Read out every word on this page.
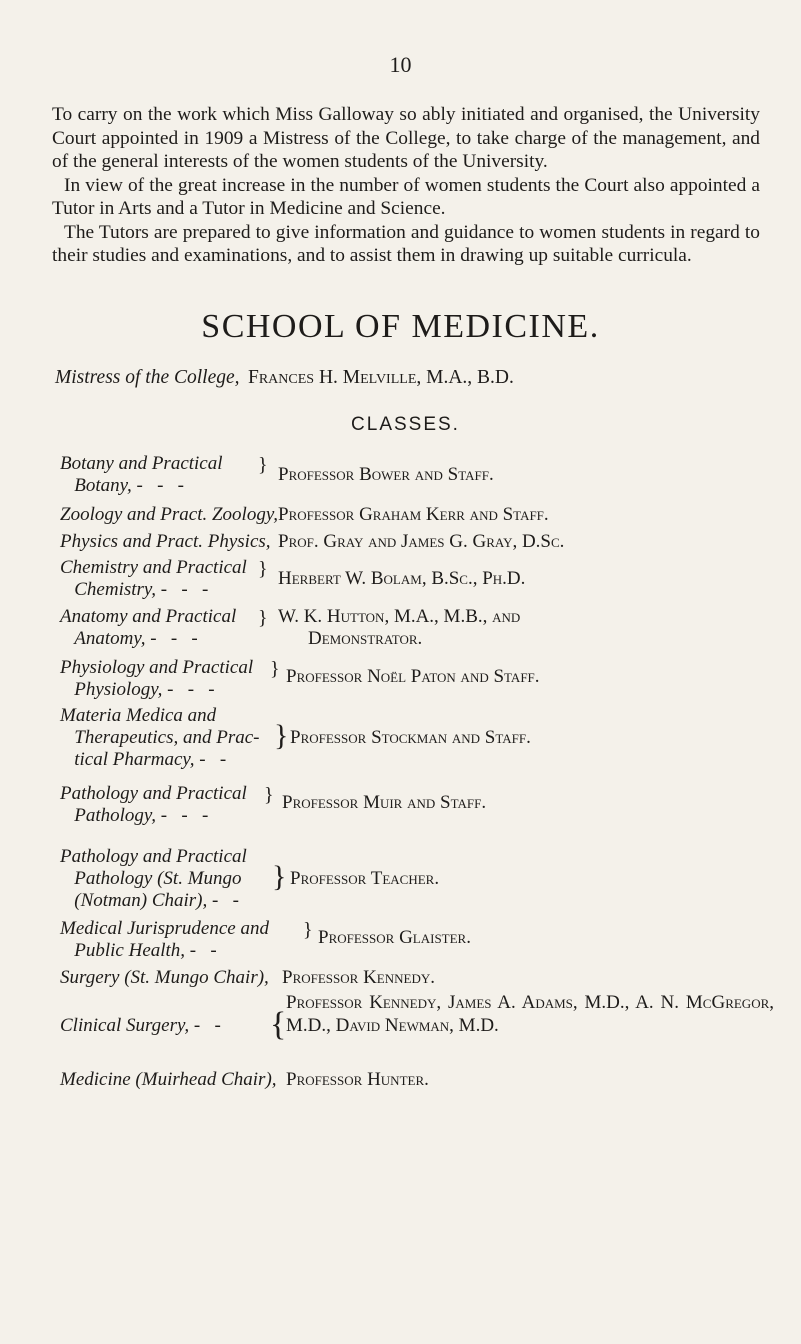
10

To carry on the work which Miss Galloway so ably initiated and organised, the University Court appointed in 1909 a Mistress of the College, to take charge of the management, and of the general interests of the women students of the University.

In view of the great increase in the number of women students the Court also appointed a Tutor in Arts and a Tutor in Medicine and Science.

The Tutors are prepared to give information and guidance to women students in regard to their studies and examinations, and to assist them in drawing up suitable curricula.

SCHOOL OF MEDICINE.
Mistress of the College, Frances H. Melville, M.A., B.D.
CLASSES.
Botany and Practical
Botany, -   -   -
} Professor Bower and Staff.
Zoology and Pract. Zoology, Professor Graham Kerr and Staff.
Physics and Pract. Physics, Prof. Gray and James G. Gray, D.Sc.
Chemistry and Practical
Chemistry, -   -   -
} Herbert W. Bolam, B.Sc., Ph.D.
Anatomy and Practical
Anatomy, -   -   -
} W. K. Hutton, M.A., M.B., and
Demonstrator.
Physiology and Practical
Physiology, -   -   -
} Professor Noël Paton and Staff.
Materia Medica and
Therapeutics, and Prac-
tical Pharmacy, -   -
} Professor Stockman and Staff.
Pathology and Practical
Pathology, -   -   -
} Professor Muir and Staff.
Pathology and Practical
Pathology (St. Mungo
(Notman) Chair), -   -
} Professor Teacher.
Medical Jurisprudence and
Public Health, -   -
} Professor Glaister.
Surgery (St. Mungo Chair), Professor Kennedy.
Clinical Surgery, -   - {
Professor Kennedy, James A. Adams, M.D., A. N. McGregor, M.D., David Newman, M.D.
Medicine (Muirhead Chair), Professor Hunter.
